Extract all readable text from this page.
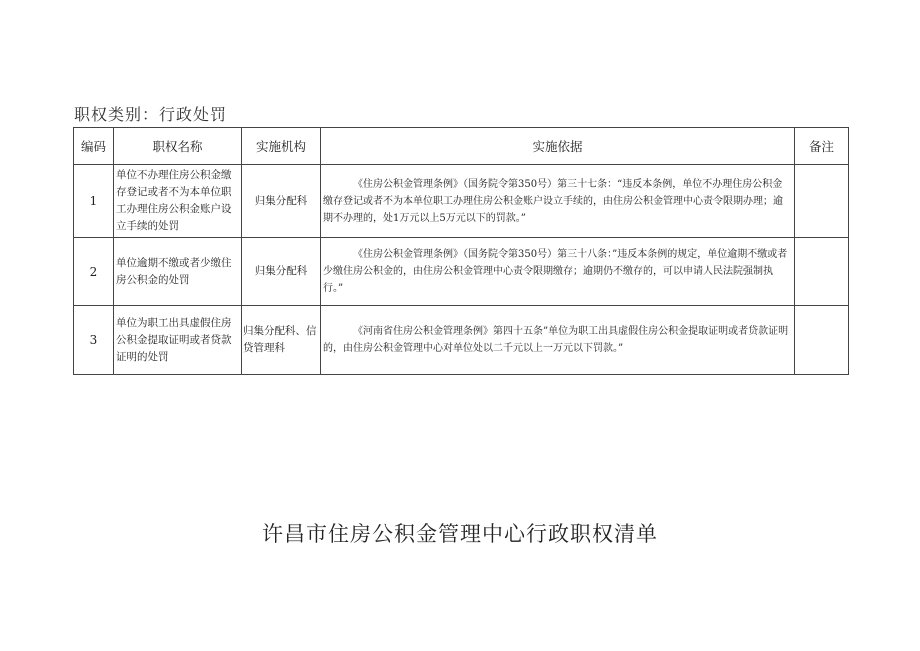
职权类别：行政处罚
编码	职权名称	实施机构	实施依据	备注
1	单位不办理住房公积金缴存登记或者不为本单位职工办理住房公积金账户设立手续的处罚	归集分配科	《住房公积金管理条例》（国务院令第350号）第三十七条：“违反本条例，单位不办理住房公积金缴存登记或者不为本单位职工办理住房公积金账户设立手续的，由住房公积金管理中心责令限期办理；逾期不办理的，处1万元以上5万元以下的罚款。”	

2	单位逾期不缴或者少缴住房公积金的处罚	归集分配科	《住房公积金管理条例》（国务院令第350号）第三十八条：”违反本条例的规定，单位逾期不缴或者少缴住房公积金的，由住房公积金管理中心责令限期缴存；逾期仍不缴存的，可以申请人民法院强制执行。”	

3	单位为职工出具虚假住房公积金提取证明或者贷款证明的处罚	归集分配科、信贷管理科	《河南省住房公积金管理条例》第四十五条”单位为职工出具虚假住房公积金提取证明或者贷款证明的，由住房公积金管理中心对单位处以二千元以上一万元以下罚款。”	

许昌市住房公积金管理中心行政职权清单
